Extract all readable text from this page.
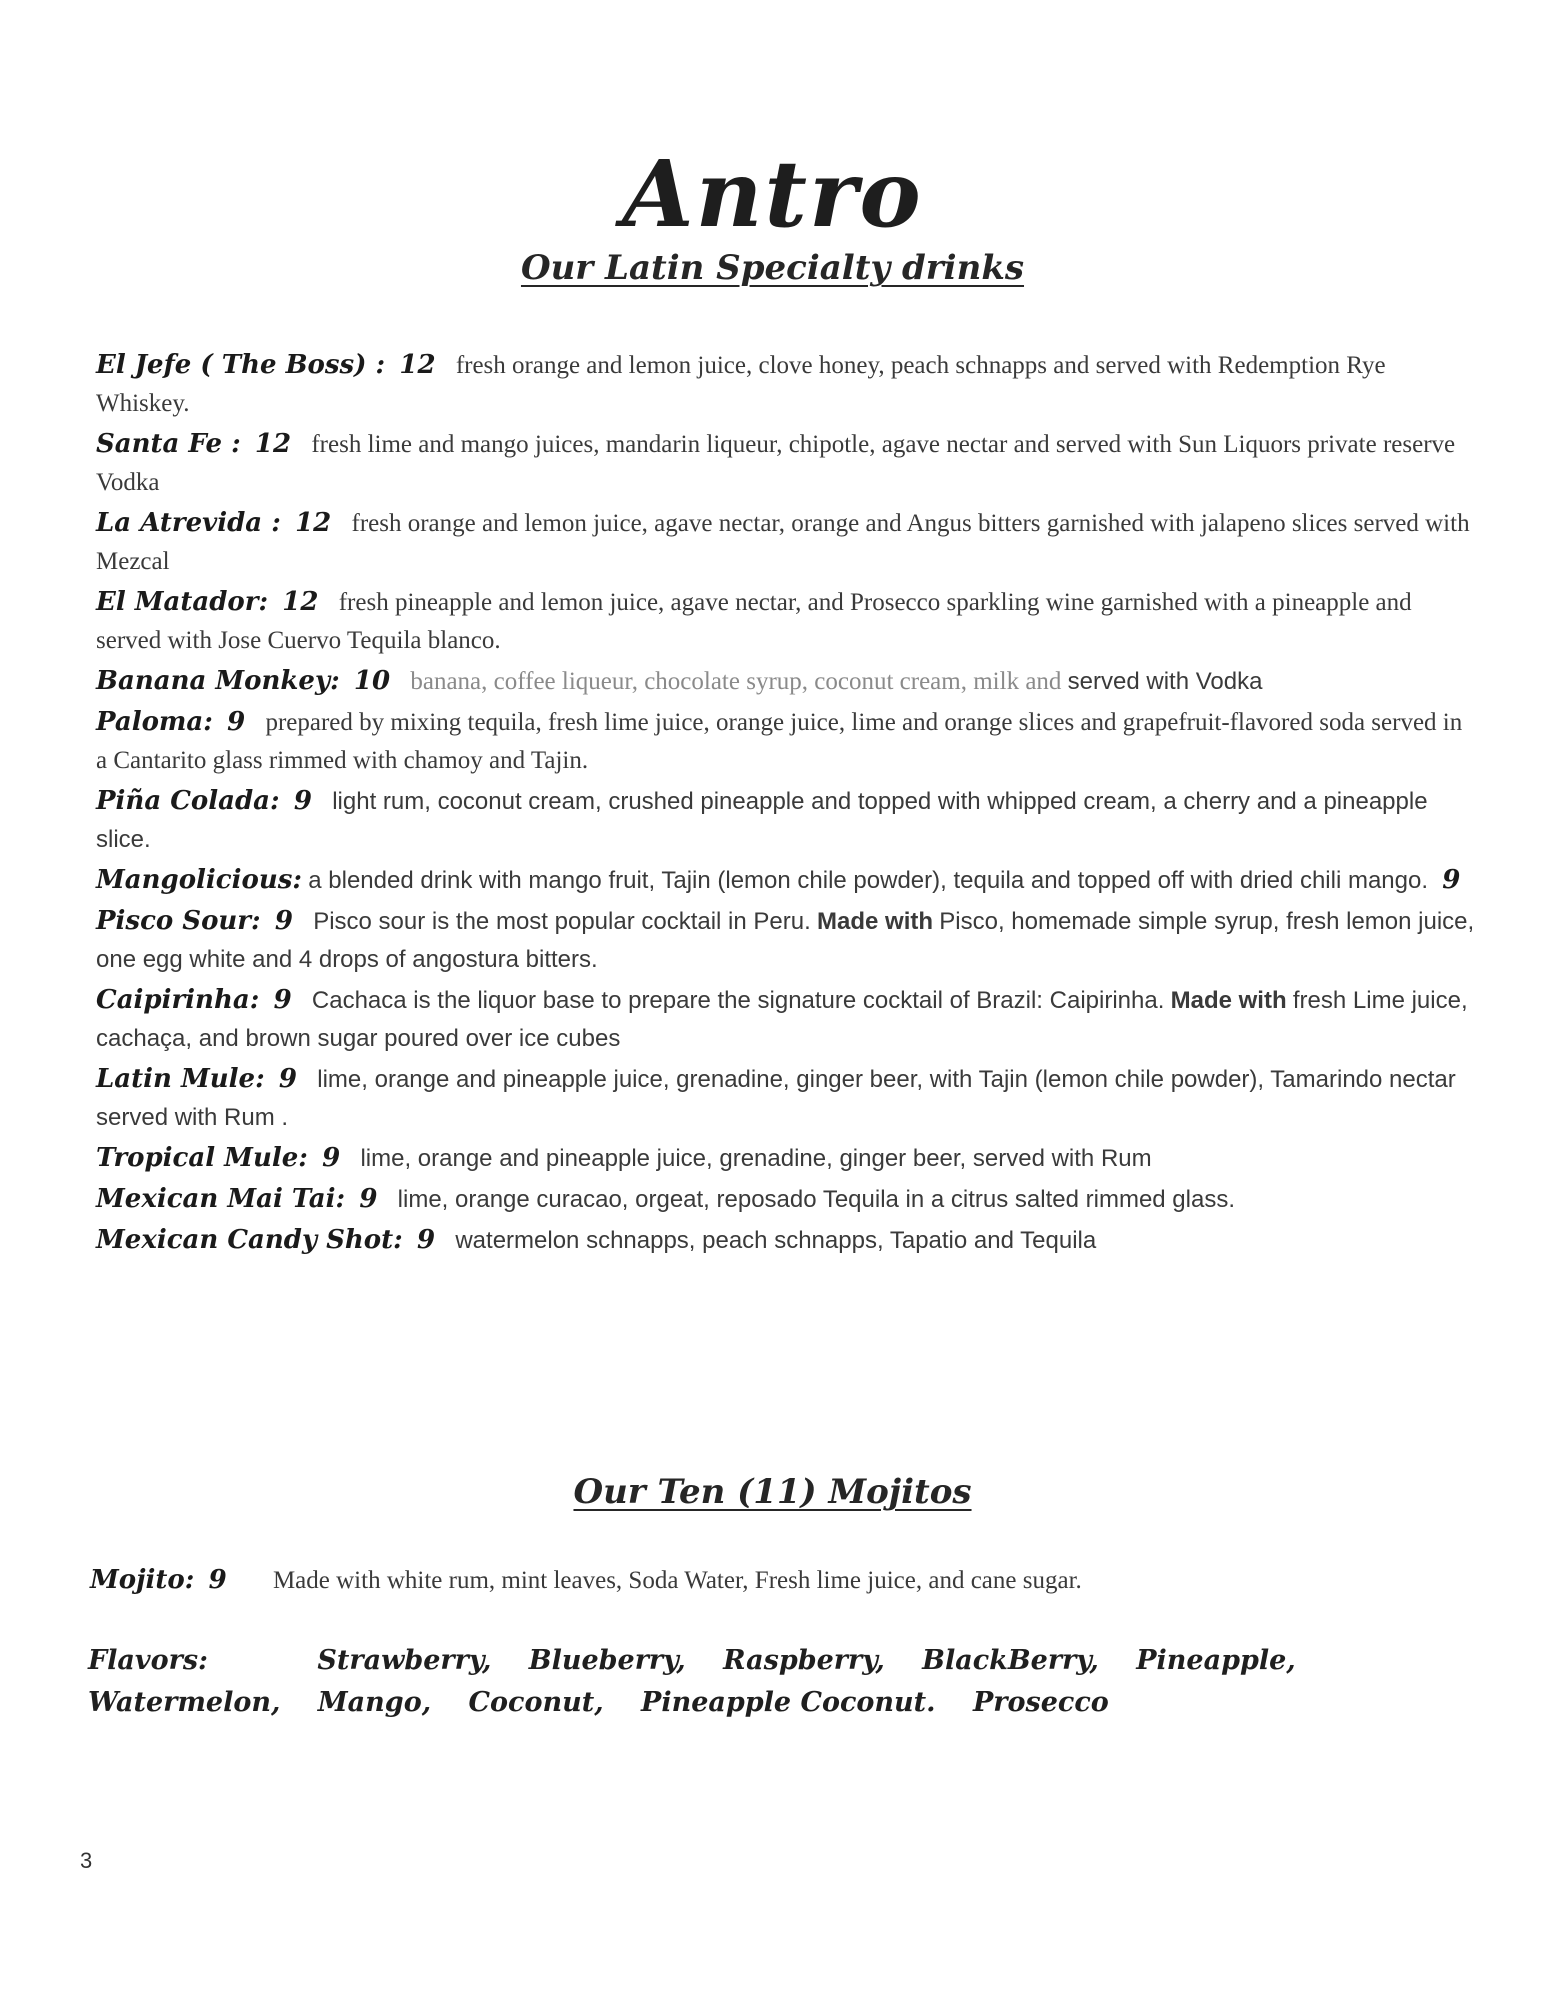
Antro
Our Latin Specialty drinks

El Jefe ( The Boss) : 12 fresh orange and lemon juice, clove honey, peach schnapps and served with Redemption Rye Whiskey.

Santa Fe : 12 fresh lime and mango juices, mandarin liqueur, chipotle, agave nectar and served with Sun Liquors private reserve Vodka

La Atrevida : 12 fresh orange and lemon juice, agave nectar, orange and Angus bitters garnished with jalapeno slices served with Mezcal

El Matador: 12 fresh pineapple and lemon juice, agave nectar, and Prosecco sparkling wine garnished with a pineapple and served with Jose Cuervo Tequila blanco.

Banana Monkey: 10 banana, coffee liqueur, chocolate syrup, coconut cream, milk and served with Vodka

Paloma: 9 prepared by mixing tequila, fresh lime juice, orange juice, lime and orange slices and grapefruit-flavored soda served in a Cantarito glass rimmed with chamoy and Tajin.

Piña Colada: 9 light rum, coconut cream, crushed pineapple and topped with whipped cream, a cherry and a pineapple slice.

Mangolicious: a blended drink with mango fruit, Tajin (lemon chile powder), tequila and topped off with dried chili mango. 9

Pisco Sour: 9 Pisco sour is the most popular cocktail in Peru. Made with Pisco, homemade simple syrup, fresh lemon juice, one egg white and 4 drops of angostura bitters.

Caipirinha: 9 Cachaca is the liquor base to prepare the signature cocktail of Brazil: Caipirinha. Made with fresh Lime juice, cachaça, and brown sugar poured over ice cubes

Latin Mule: 9 lime, orange and pineapple juice, grenadine, ginger beer, with Tajin (lemon chile powder), Tamarindo nectar served with Rum .

Tropical Mule: 9 lime, orange and pineapple juice, grenadine, ginger beer, served with Rum

Mexican Mai Tai: 9 lime, orange curacao, orgeat, reposado Tequila in a citrus salted rimmed glass.

Mexican Candy Shot: 9 watermelon schnapps, peach schnapps, Tapatio and Tequila

Our Ten (11) Mojitos

Mojito: 9 Made with white rum, mint leaves, Soda Water, Fresh lime juice, and cane sugar.

Flavors:	Strawberry, Blueberry, Raspberry, BlackBerry, Pineapple, Watermelon, Mango, Coconut, Pineapple Coconut. Prosecco
3
